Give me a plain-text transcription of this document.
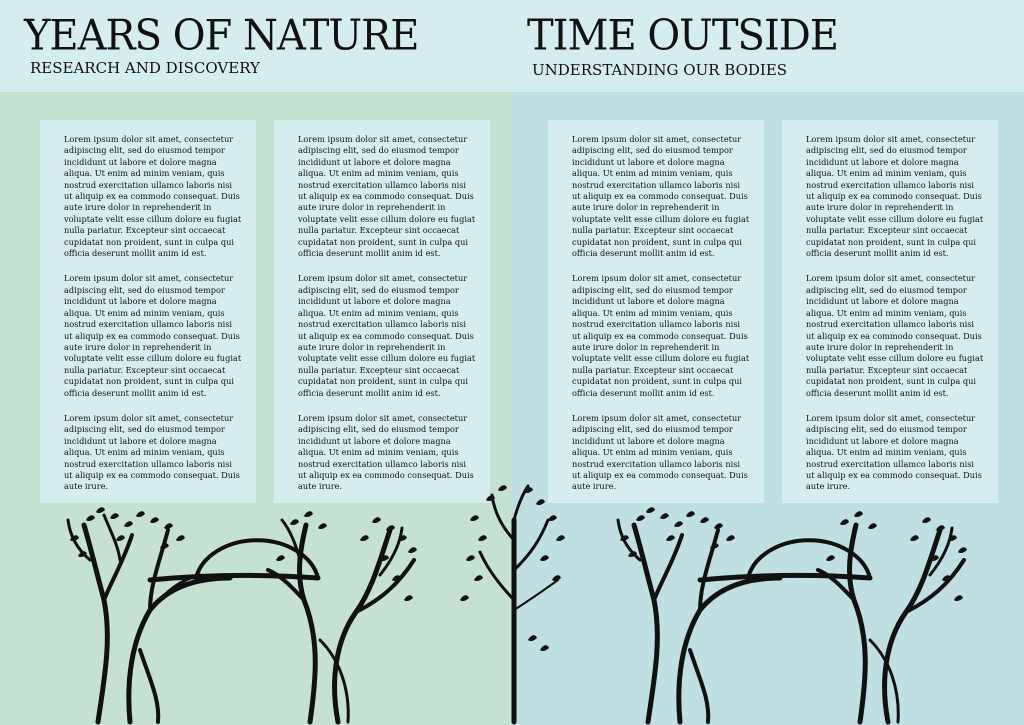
YEARS OF NATURE
RESEARCH AND DISCOVERY
TIME OUTSIDE
UNDERSTANDING OUR BODIES

Lorem ipsum dolor sit amet, consectetur adipiscing elit, sed do eiusmod tempor incididunt ut labore et dolore magna aliqua. Ut enim ad minim veniam, quis nostrud exercitation ullamco laboris nisi ut aliquip ex ea commodo consequat. Duis aute irure dolor in reprehenderit in voluptate velit esse cillum dolore eu fugiat nulla pariatur. Excepteur sint occaecat cupidatat non proident, sunt in culpa qui officia deserunt mollit anim id est.

Lorem ipsum dolor sit amet, consectetur adipiscing elit, sed do eiusmod tempor incididunt ut labore et dolore magna aliqua. Ut enim ad minim veniam, quis nostrud exercitation ullamco laboris nisi ut aliquip ex ea commodo consequat. Duis aute irure dolor in reprehenderit in voluptate velit esse cillum dolore eu fugiat nulla pariatur. Excepteur sint occaecat cupidatat non proident, sunt in culpa qui officia deserunt mollit anim id est.

Lorem ipsum dolor sit amet, consectetur adipiscing elit, sed do eiusmod tempor incididunt ut labore et dolore magna aliqua. Ut enim ad minim veniam, quis nostrud exercitation ullamco laboris nisi ut aliquip ex ea commodo consequat. Duis aute irure.

Lorem ipsum dolor sit amet, consectetur adipiscing elit, sed do eiusmod tempor incididunt ut labore et dolore magna aliqua. Ut enim ad minim veniam, quis nostrud exercitation ullamco laboris nisi ut aliquip ex ea commodo consequat. Duis aute irure dolor in reprehenderit in voluptate velit esse cillum dolore eu fugiat nulla pariatur. Excepteur sint occaecat cupidatat non proident, sunt in culpa qui officia deserunt mollit anim id est.

Lorem ipsum dolor sit amet, consectetur adipiscing elit, sed do eiusmod tempor incididunt ut labore et dolore magna aliqua. Ut enim ad minim veniam, quis nostrud exercitation ullamco laboris nisi ut aliquip ex ea commodo consequat. Duis aute irure dolor in reprehenderit in voluptate velit esse cillum dolore eu fugiat nulla pariatur. Excepteur sint occaecat cupidatat non proident, sunt in culpa qui officia deserunt mollit anim id est.

Lorem ipsum dolor sit amet, consectetur adipiscing elit, sed do eiusmod tempor incididunt ut labore et dolore magna aliqua. Ut enim ad minim veniam, quis nostrud exercitation ullamco laboris nisi ut aliquip ex ea commodo consequat. Duis aute irure.

Lorem ipsum dolor sit amet, consectetur adipiscing elit, sed do eiusmod tempor incididunt ut labore et dolore magna aliqua. Ut enim ad minim veniam, quis nostrud exercitation ullamco laboris nisi ut aliquip ex ea commodo consequat. Duis aute irure dolor in reprehenderit in voluptate velit esse cillum dolore eu fugiat nulla pariatur. Excepteur sint occaecat cupidatat non proident, sunt in culpa qui officia deserunt mollit anim id est.

Lorem ipsum dolor sit amet, consectetur adipiscing elit, sed do eiusmod tempor incididunt ut labore et dolore magna aliqua. Ut enim ad minim veniam, quis nostrud exercitation ullamco laboris nisi ut aliquip ex ea commodo consequat. Duis aute irure dolor in reprehenderit in voluptate velit esse cillum dolore eu fugiat nulla pariatur. Excepteur sint occaecat cupidatat non proident, sunt in culpa qui officia deserunt mollit anim id est.

Lorem ipsum dolor sit amet, consectetur adipiscing elit, sed do eiusmod tempor incididunt ut labore et dolore magna aliqua. Ut enim ad minim veniam, quis nostrud exercitation ullamco laboris nisi ut aliquip ex ea commodo consequat. Duis aute irure.

Lorem ipsum dolor sit amet, consectetur adipiscing elit, sed do eiusmod tempor incididunt ut labore et dolore magna aliqua. Ut enim ad minim veniam, quis nostrud exercitation ullamco laboris nisi ut aliquip ex ea commodo consequat. Duis aute irure dolor in reprehenderit in voluptate velit esse cillum dolore eu fugiat nulla pariatur. Excepteur sint occaecat cupidatat non proident, sunt in culpa qui officia deserunt mollit anim id est.

Lorem ipsum dolor sit amet, consectetur adipiscing elit, sed do eiusmod tempor incididunt ut labore et dolore magna aliqua. Ut enim ad minim veniam, quis nostrud exercitation ullamco laboris nisi ut aliquip ex ea commodo consequat. Duis aute irure dolor in reprehenderit in voluptate velit esse cillum dolore eu fugiat nulla pariatur. Excepteur sint occaecat cupidatat non proident, sunt in culpa qui officia deserunt mollit anim id est.

Lorem ipsum dolor sit amet, consectetur adipiscing elit, sed do eiusmod tempor incididunt ut labore et dolore magna aliqua. Ut enim ad minim veniam, quis nostrud exercitation ullamco laboris nisi ut aliquip ex ea commodo consequat. Duis aute irure.
